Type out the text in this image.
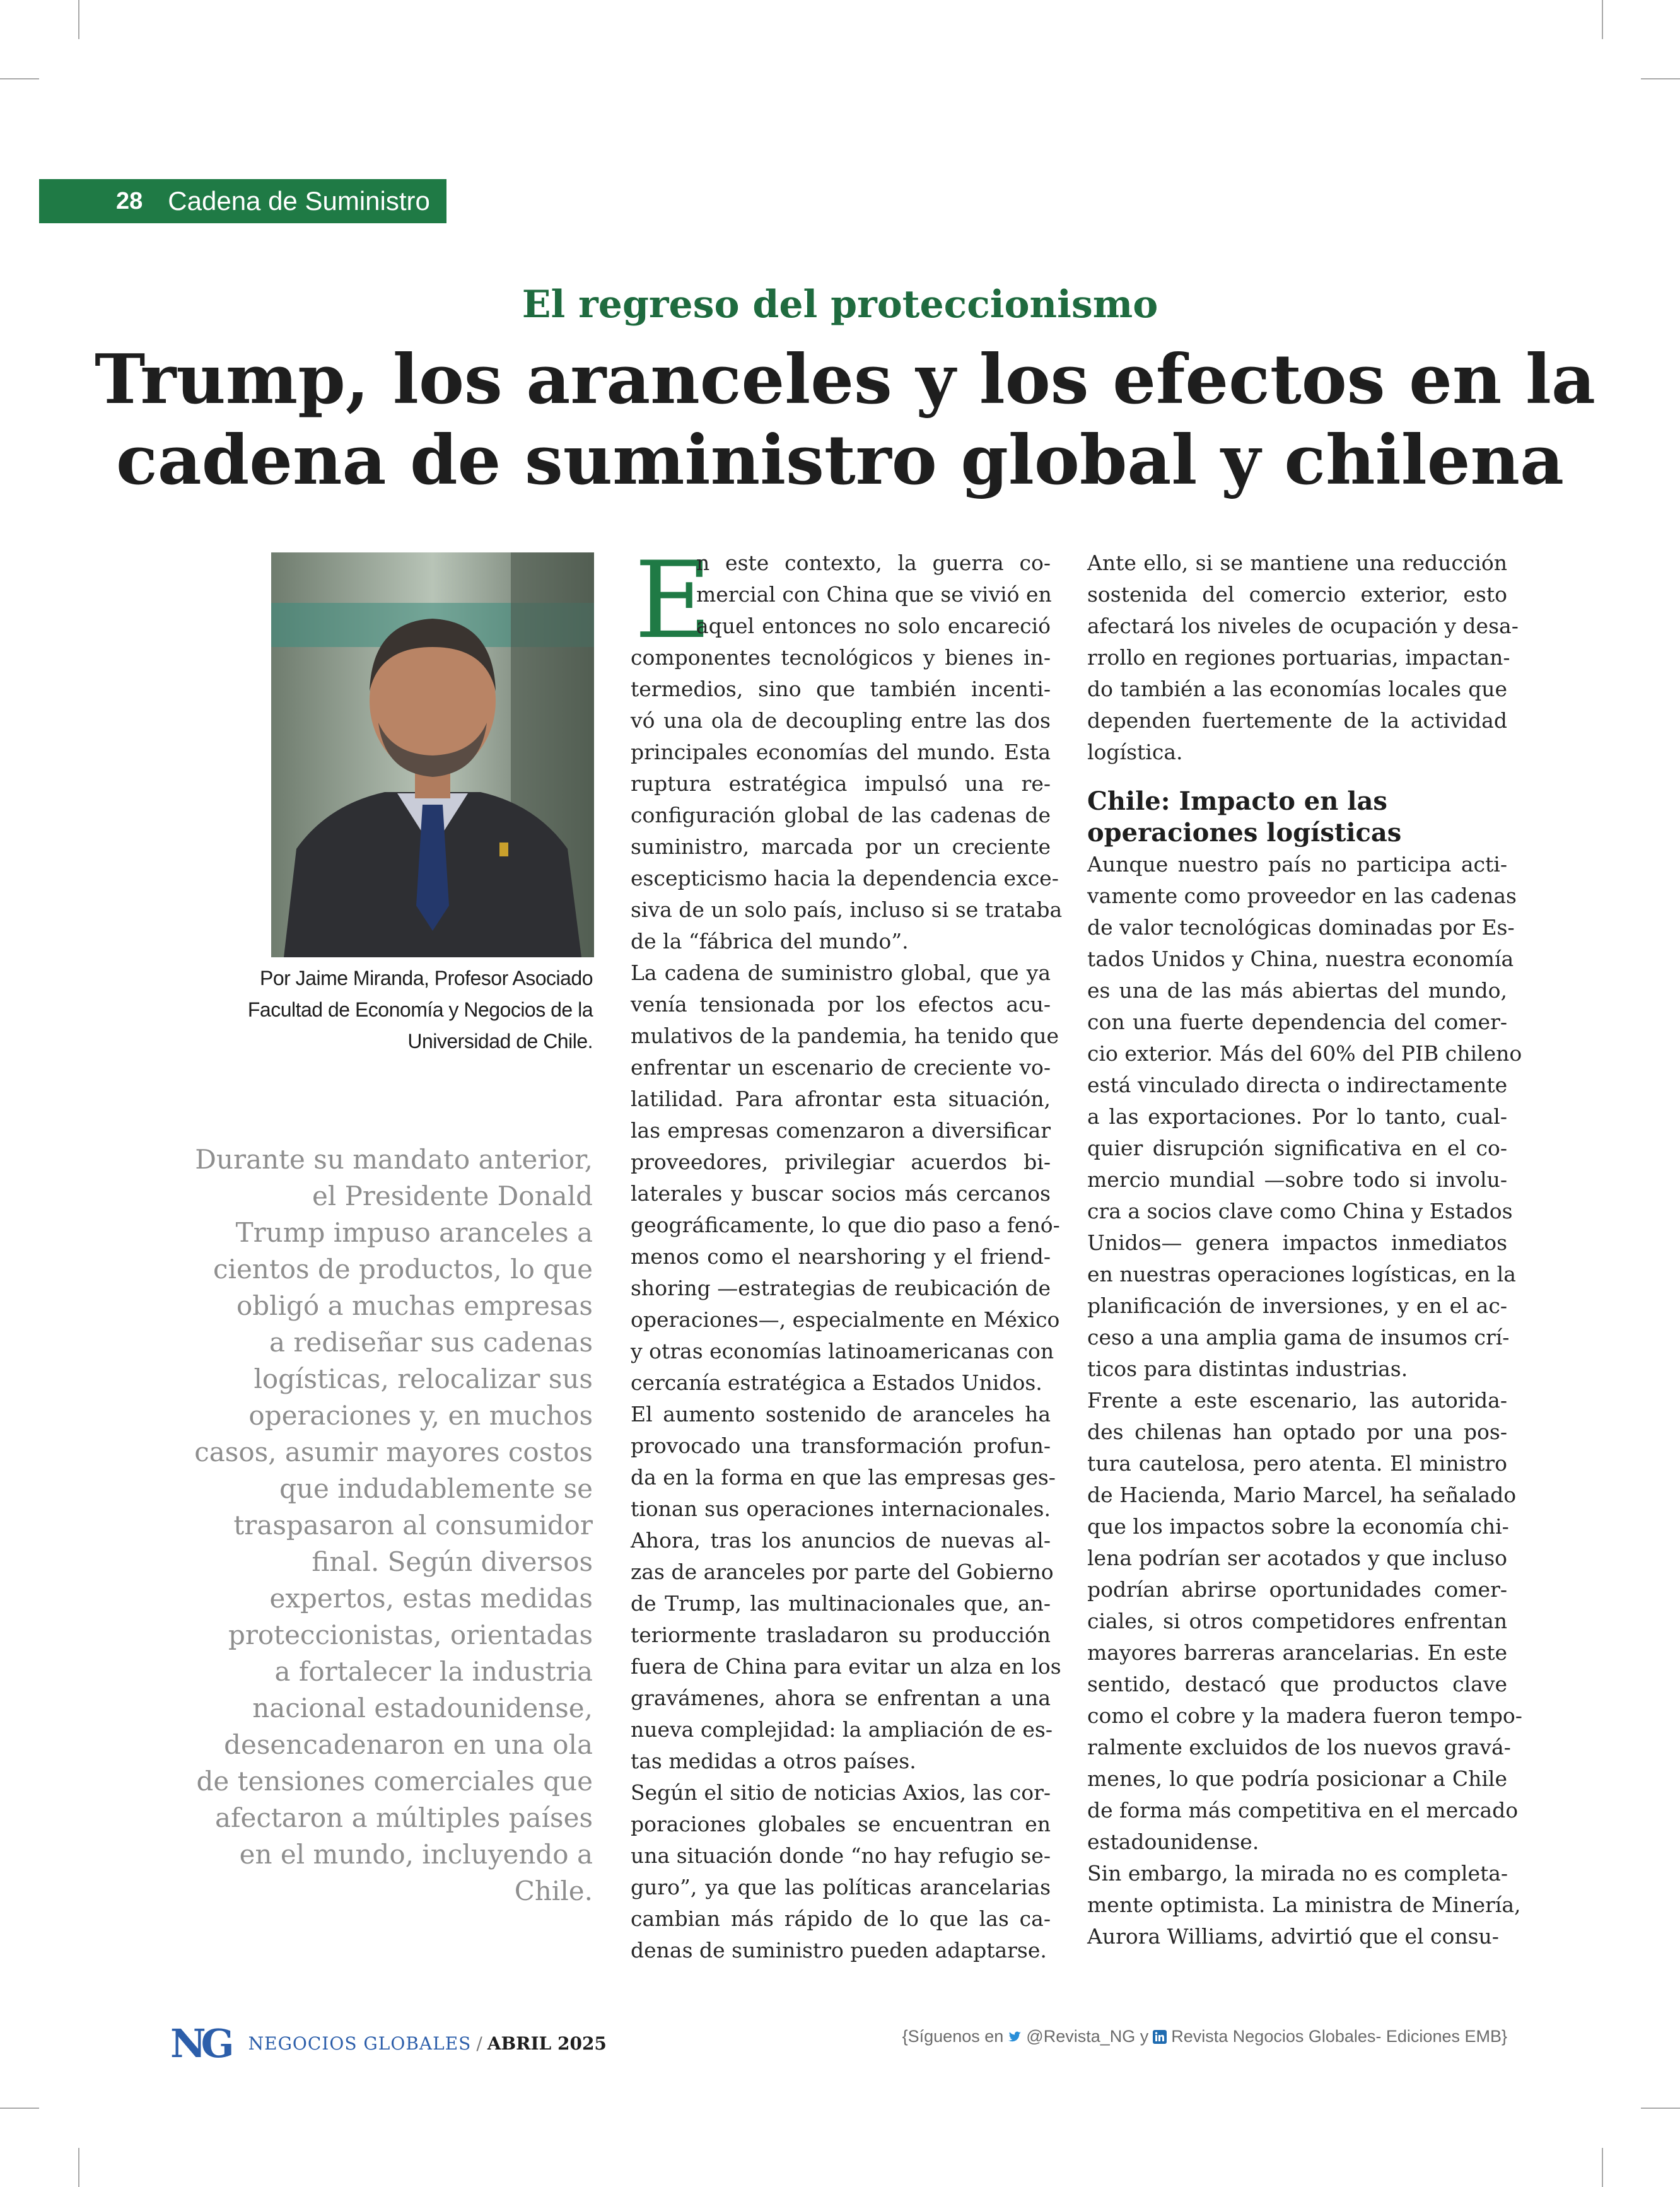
28 Cadena de Suministro
El regreso del proteccionismo
Trump, los aranceles y los efectos en la
cadena de suministro global y chilena
Por Jaime Miranda, Profesor Asociado
Facultad de Economía y Negocios de la
Universidad de Chile.
Durante su mandato anterior,
el Presidente Donald
Trump impuso aranceles a
cientos de productos, lo que
obligó a muchas empresas
a rediseñar sus cadenas
logísticas, relocalizar sus
operaciones y, en muchos
casos, asumir mayores costos
que indudablemente se
traspasaron al consumidor
final. Según diversos
expertos, estas medidas
proteccionistas, orientadas
a fortalecer la industria
nacional estadounidense,
desencadenaron en una ola
de tensiones comerciales que
afectaron a múltiples países
en el mundo, incluyendo a
Chile.
E
n este contexto, la guerra co-
mercial con China que se vivió en
aquel entonces no solo encareció
componentes tecnológicos y bienes in-
termedios, sino que también incenti-
vó una ola de decoupling entre las dos
principales economías del mundo. Esta
ruptura estratégica impulsó una re-
configuración global de las cadenas de
suministro, marcada por un creciente
escepticismo hacia la dependencia exce-
siva de un solo país, incluso si se trataba
de la “fábrica del mundo”.
La cadena de suministro global, que ya
venía tensionada por los efectos acu-
mulativos de la pandemia, ha tenido que
enfrentar un escenario de creciente vo-
latilidad. Para afrontar esta situación,
las empresas comenzaron a diversificar
proveedores, privilegiar acuerdos bi-
laterales y buscar socios más cercanos
geográficamente, lo que dio paso a fenó-
menos como el nearshoring y el friend-
shoring —estrategias de reubicación de
operaciones—, especialmente en México
y otras economías latinoamericanas con
cercanía estratégica a Estados Unidos.
El aumento sostenido de aranceles ha
provocado una transformación profun-
da en la forma en que las empresas ges-
tionan sus operaciones internacionales.
Ahora, tras los anuncios de nuevas al-
zas de aranceles por parte del Gobierno
de Trump, las multinacionales que, an-
teriormente trasladaron su producción
fuera de China para evitar un alza en los
gravámenes, ahora se enfrentan a una
nueva complejidad: la ampliación de es-
tas medidas a otros países.
Según el sitio de noticias Axios, las cor-
poraciones globales se encuentran en
una situación donde “no hay refugio se-
guro”, ya que las políticas arancelarias
cambian más rápido de lo que las ca-
denas de suministro pueden adaptarse.
Ante ello, si se mantiene una reducción
sostenida del comercio exterior, esto
afectará los niveles de ocupación y desa-
rrollo en regiones portuarias, impactan-
do también a las economías locales que
dependen fuertemente de la actividad
logística.
Chile: Impacto en las
operaciones logísticas
Aunque nuestro país no participa acti-
vamente como proveedor en las cadenas
de valor tecnológicas dominadas por Es-
tados Unidos y China, nuestra economía
es una de las más abiertas del mundo,
con una fuerte dependencia del comer-
cio exterior. Más del 60% del PIB chileno
está vinculado directa o indirectamente
a las exportaciones. Por lo tanto, cual-
quier disrupción significativa en el co-
mercio mundial —sobre todo si involu-
cra a socios clave como China y Estados
Unidos— genera impactos inmediatos
en nuestras operaciones logísticas, en la
planificación de inversiones, y en el ac-
ceso a una amplia gama de insumos crí-
ticos para distintas industrias.
Frente a este escenario, las autorida-
des chilenas han optado por una pos-
tura cautelosa, pero atenta. El ministro
de Hacienda, Mario Marcel, ha señalado
que los impactos sobre la economía chi-
lena podrían ser acotados y que incluso
podrían abrirse oportunidades comer-
ciales, si otros competidores enfrentan
mayores barreras arancelarias. En este
sentido, destacó que productos clave
como el cobre y la madera fueron tempo-
ralmente excluidos de los nuevos gravá-
menes, lo que podría posicionar a Chile
de forma más competitiva en el mercado
estadounidense.
Sin embargo, la mirada no es completa-
mente optimista. La ministra de Minería,
Aurora Williams, advirtió que el consu-
NG NEGOCIOS GLOBALES / ABRIL 2025	{Síguenos en @Revista_NG y Revista Negocios Globales- Ediciones EMB}
